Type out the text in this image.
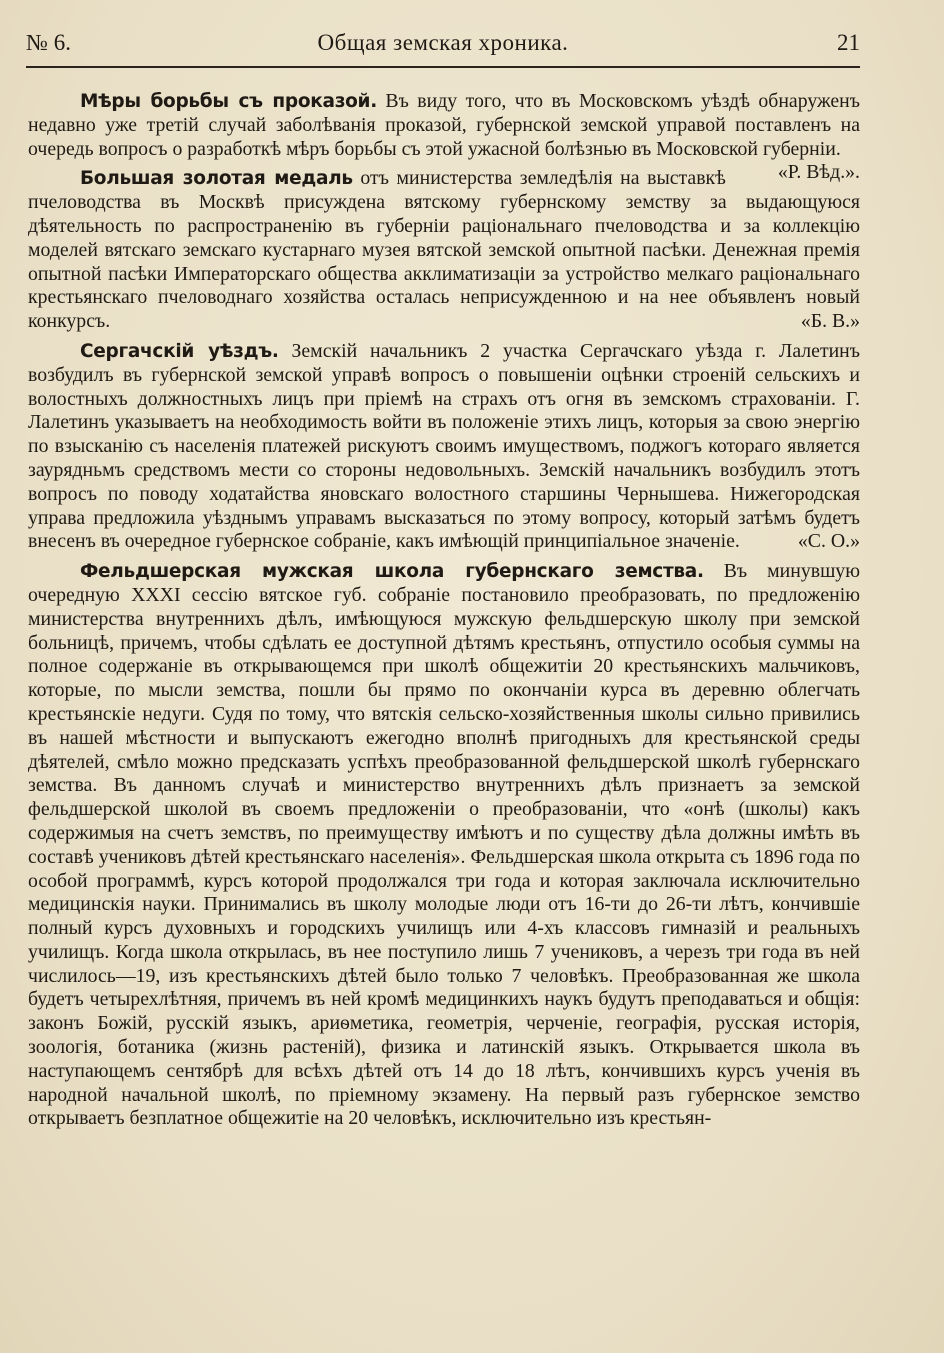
№ 6.	Общая земская хроника.	21

Мѣры борьбы съ проказой. Въ виду того, что въ Московскомъ уѣздѣ обнаруженъ недавно уже третій случай заболѣванія проказой, губернской земской управой поставленъ на очередь вопросъ о разработкѣ мѣръ борьбы съ этой ужасной болѣзнью въ Московской губерніи.
«Р. Вѣд.».

Большая золотая медаль отъ министерства земледѣлія на выставкѣ пчеловодства въ Москвѣ присуждена вятскому губернскому земству за выдающуюся дѣятельность по распространенію въ губерніи раціональнаго пчеловодства и за коллекцію моделей вятскаго земскаго кустарнаго музея вятской земской опытной пасѣки. Денежная премія опытной пасѣки Императорскаго общества акклиматизаціи за устройство мелкаго раціональнаго крестьянскаго пчеловоднаго хозяйства осталась неприсужденною и на нее объявленъ новый конкурсъ.	«Б. В.»

Сергачскій уѣздъ. Земскій начальникъ 2 участка Сергачскаго уѣзда г. Лалетинъ возбудилъ въ губернской земской управѣ вопросъ о повышеніи оцѣнки строеній сельскихъ и волостныхъ должностныхъ лицъ при пріемѣ на страхъ отъ огня въ земскомъ страхованіи. Г. Лалетинъ указываетъ на необходимость войти въ положеніе этихъ лицъ, которыя за свою энергію по взысканію съ населенія платежей рискуютъ своимъ имуществомъ, поджогъ котораго является заурядньмъ средствомъ мести со стороны недовольныхъ. Земскій начальникъ возбудилъ этотъ вопросъ по поводу ходатайства яновскаго волостного старшины Чернышева. Нижегородская управа предложила уѣзднымъ управамъ высказаться по этому вопросу, который затѣмъ будетъ внесенъ въ очередное губернское собраніе, какъ имѣющій принципіальное значеніе.	«С. О.»

Фельдшерская мужская школа губернскаго земства. Въ минувшую очередную XXXI сессію вятское губ. собраніе постановило преобразовать, по предложенію министерства внутреннихъ дѣлъ, имѣющуюся мужскую фельдшерскую школу при земской больницѣ, причемъ, чтобы сдѣлать ее доступной дѣтямъ крестьянъ, отпустило особыя суммы на полное содержаніе въ открывающемся при школѣ общежитіи 20 крестьянскихъ мальчиковъ, которые, по мысли земства, пошли бы прямо по окончаніи курса въ деревню облегчать крестьянскіе недуги. Судя по тому, что вятскія сельско-хозяйственныя школы сильно привились въ нашей мѣстности и выпускаютъ ежегодно вполнѣ пригодныхъ для крестьянской среды дѣятелей, смѣло можно предсказать успѣхъ преобразованной фельдшерской школѣ губернскаго земства. Въ данномъ случаѣ и министерство внутреннихъ дѣлъ признаетъ за земской фельдшерской школой въ своемъ предложеніи о преобразованіи, что «онѣ (школы) какъ содержимыя на счетъ земствъ, по преимуществу имѣютъ и по существу дѣла должны имѣть въ составѣ учениковъ дѣтей крестьянскаго населенія». Фельдшерская школа открыта съ 1896 года по особой программѣ, курсъ которой продолжался три года и которая заключала исключительно медицинскія науки. Принимались въ школу молодые люди отъ 16-ти до 26-ти лѣтъ, кончившіе полный курсъ духовныхъ и городскихъ училищъ или 4-хъ классовъ гимназій и реальныхъ училищъ. Когда школа открылась, въ нее поступило лишь 7 учениковъ, а черезъ три года въ ней числилось—19, изъ крестьянскихъ дѣтей было только 7 человѣкъ. Преобразованная же школа будетъ четырехлѣтняя, причемъ въ ней кромѣ медицинкихъ наукъ будутъ преподаваться и общія: законъ Божій, русскій языкъ, ариѳметика, геометрія, черченіе, географія, русская исторія, зоологія, ботаника (жизнь растеній), физика и латинскій языкъ. Открывается школа въ наступающемъ сентябрѣ для всѣхъ дѣтей отъ 14 до 18 лѣтъ, кончившихъ курсъ ученія въ народной начальной школѣ, по пріемному экзамену. На первый разъ губернское земство открываетъ безплатное общежитіе на 20 человѣкъ, исключительно изъ крестьян-
